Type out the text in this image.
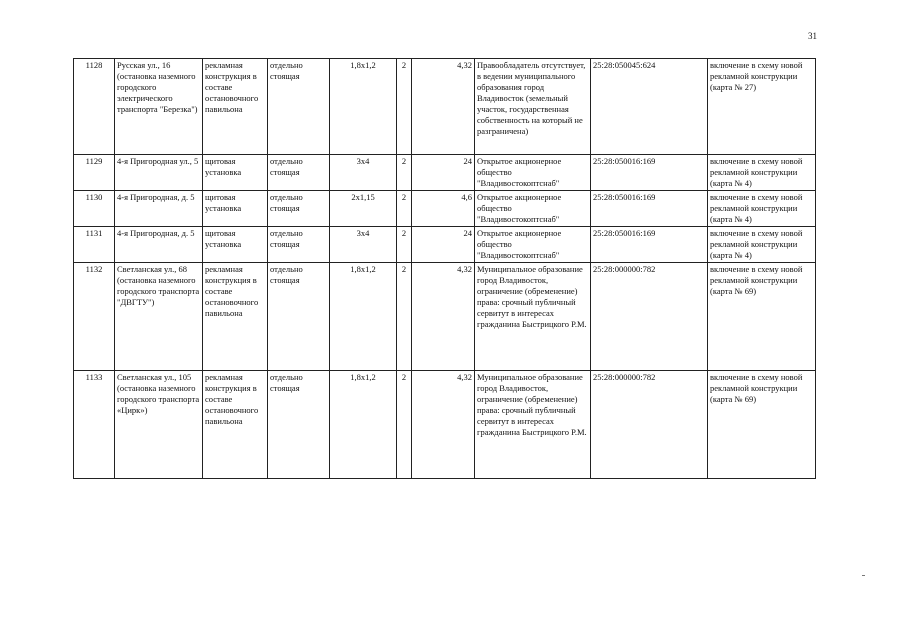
31
1128	Русская ул., 16 (остановка наземного городского электрического транспорта "Березка")	рекламная конструкция в составе остановочного павильона	отдельно стоящая	1,8x1,2	2	4,32	Правообладатель отсутствует, в ведении муниципального образования город Владивосток (земельный участок, государственная собственность на который не разграничена)	25:28:050045:624	включение в схему новой рекламной конструкции (карта № 27)
1129	4-я Пригородная ул., 5	щитовая установка	отдельно стоящая	3x4	2	24	Открытое акционерное общество "Владивостокоптснаб"	25:28:050016:169	включение в схему новой рекламной конструкции (карта № 4)
1130	4-я Пригородная, д. 5	щитовая установка	отдельно стоящая	2x1,15	2	4,6	Открытое акционерное общество "Владивостокоптснаб"	25:28:050016:169	включение в схему новой рекламной конструкции (карта № 4)
1131	4-я Пригородная, д. 5	щитовая установка	отдельно стоящая	3x4	2	24	Открытое акционерное общество "Владивостокоптснаб"	25:28:050016:169	включение в схему новой рекламной конструкции (карта № 4)
1132	Светланская ул., 68 (остановка наземного городского транспорта "ДВГТУ")	рекламная конструкция в составе остановочного павильона	отдельно стоящая	1,8x1,2	2	4,32	Муниципальное образование город Владивосток, ограничение (обременение) права: срочный публичный сервитут в интересах гражданина Быстрицкого Р.М.	25:28:000000:782	включение в схему новой рекламной конструкции (карта № 69)
1133	Светланская ул., 105 (остановка наземного городского транспорта «Цирк»)	рекламная конструкция в составе остановочного павильона	отдельно стоящая	1,8x1,2	2	4,32	Муниципальное образование город Владивосток, ограничение (обременение) права: срочный публичный сервитут в интересах гражданина Быстрицкого Р.М.	25:28:000000:782	включение в схему новой рекламной конструкции (карта № 69)
